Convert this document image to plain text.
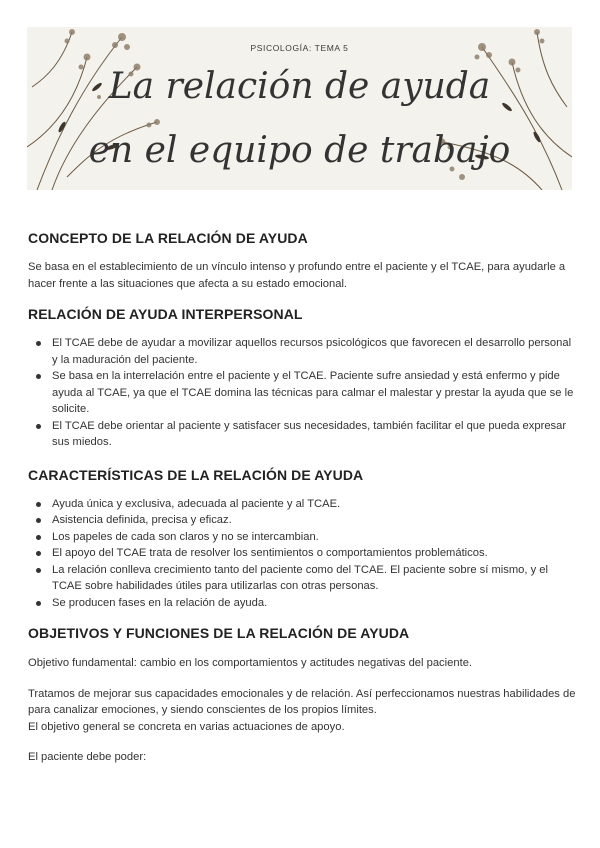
PSICOLOGÍA: TEMA 5
La relación de ayuda
en el equipo de trabajo
CONCEPTO DE LA RELACIÓN DE AYUDA

Se basa en el establecimiento de un vínculo intenso y profundo entre el paciente y el TCAE, para ayudarle a hacer frente a las situaciones que afecta a su estado emocional.

RELACIÓN DE AYUDA INTERPERSONAL
El TCAE debe de ayudar a movilizar aquellos recursos psicológicos que favorecen el desarrollo personal y la maduración del paciente.
Se basa en la interrelación entre el paciente y el TCAE. Paciente sufre ansiedad y está enfermo y pide ayuda al TCAE, ya que el TCAE domina las técnicas para calmar el malestar y prestar la ayuda que se le solicite.
El TCAE debe orientar al paciente y satisfacer sus necesidades, también facilitar el que pueda expresar sus miedos.
CARACTERÍSTICAS DE LA RELACIÓN DE AYUDA
Ayuda única y exclusiva, adecuada al paciente y al TCAE.
Asistencia definida, precisa y eficaz.
Los papeles de cada son claros y no se intercambian.
El apoyo del TCAE trata de resolver los sentimientos o comportamientos problemáticos.
La relación conlleva crecimiento tanto del paciente como del TCAE. El paciente sobre sí mismo, y el TCAE sobre habilidades útiles para utilizarlas con otras personas.
Se producen fases en la relación de ayuda.
OBJETIVOS Y FUNCIONES DE LA RELACIÓN DE AYUDA

Objetivo fundamental: cambio en los comportamientos y actitudes negativas del paciente.

Tratamos de mejorar sus capacidades emocionales y de relación. Así perfeccionamos nuestras habilidades de para canalizar emociones, y siendo conscientes de los propios límites.

El objetivo general se concreta en varias actuaciones de apoyo.

El paciente debe poder:
